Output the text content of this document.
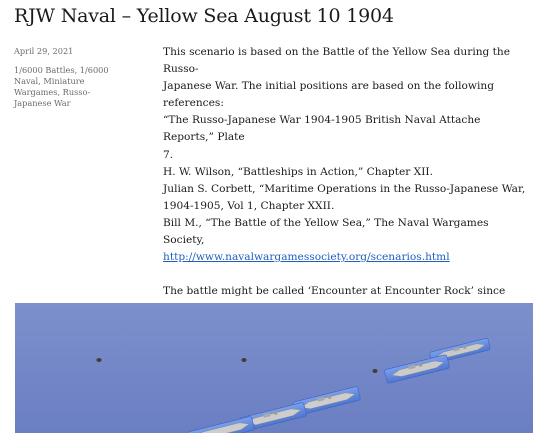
RJW Naval – Yellow Sea August 10 1904
April 29, 2021
1/6000 Battles, 1/6000 Naval, Miniature Wargames, Russo-Japanese War

This scenario is based on the Battle of the Yellow Sea during the Russo-
Japanese War. The initial positions are based on the following references:
“The Russo-Japanese War 1904-1905 British Naval Attache Reports,” Plate
7.
H. W. Wilson, “Battleships in Action,” Chapter XII.
Julian S. Corbett, “Maritime Operations in the Russo-Japanese War,
1904-1905, Vol 1, Chapter XXII.
Bill M., “The Battle of the Yellow Sea,” The Naval Wargames Society,
http://www.navalwargamessociety.org/scenarios.html

The battle might be called ‘Encounter at Encounter Rock’ since
